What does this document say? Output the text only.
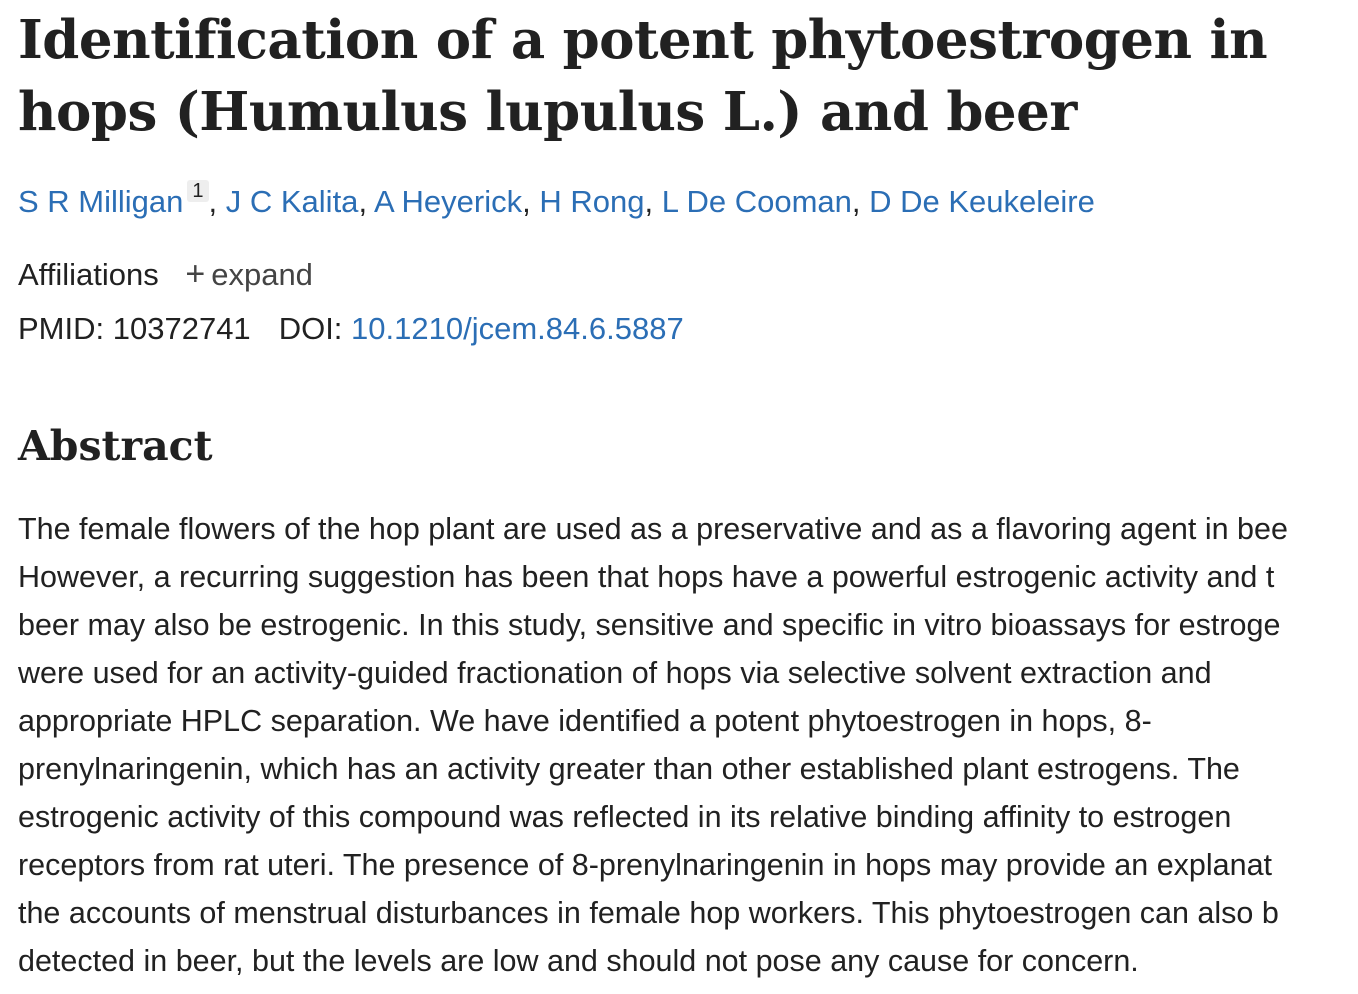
Identification of a potent phytoestrogen in hops (Humulus lupulus L.) and beer
S R Milligan 1 , J C Kalita, A Heyerick, H Rong, L De Cooman, D De Keukeleire
Affiliations + expand
PMID: 10372741 DOI: 10.1210/jcem.84.6.5887
Abstract
The female flowers of the hop plant are used as a preservative and as a flavoring agent in bee
However, a recurring suggestion has been that hops have a powerful estrogenic activity and t
beer may also be estrogenic. In this study, sensitive and specific in vitro bioassays for estroge
were used for an activity-guided fractionation of hops via selective solvent extraction and
appropriate HPLC separation. We have identified a potent phytoestrogen in hops, 8-
prenylnaringenin, which has an activity greater than other established plant estrogens. The
estrogenic activity of this compound was reflected in its relative binding affinity to estrogen
receptors from rat uteri. The presence of 8-prenylnaringenin in hops may provide an explanat
the accounts of menstrual disturbances in female hop workers. This phytoestrogen can also b
detected in beer, but the levels are low and should not pose any cause for concern.
